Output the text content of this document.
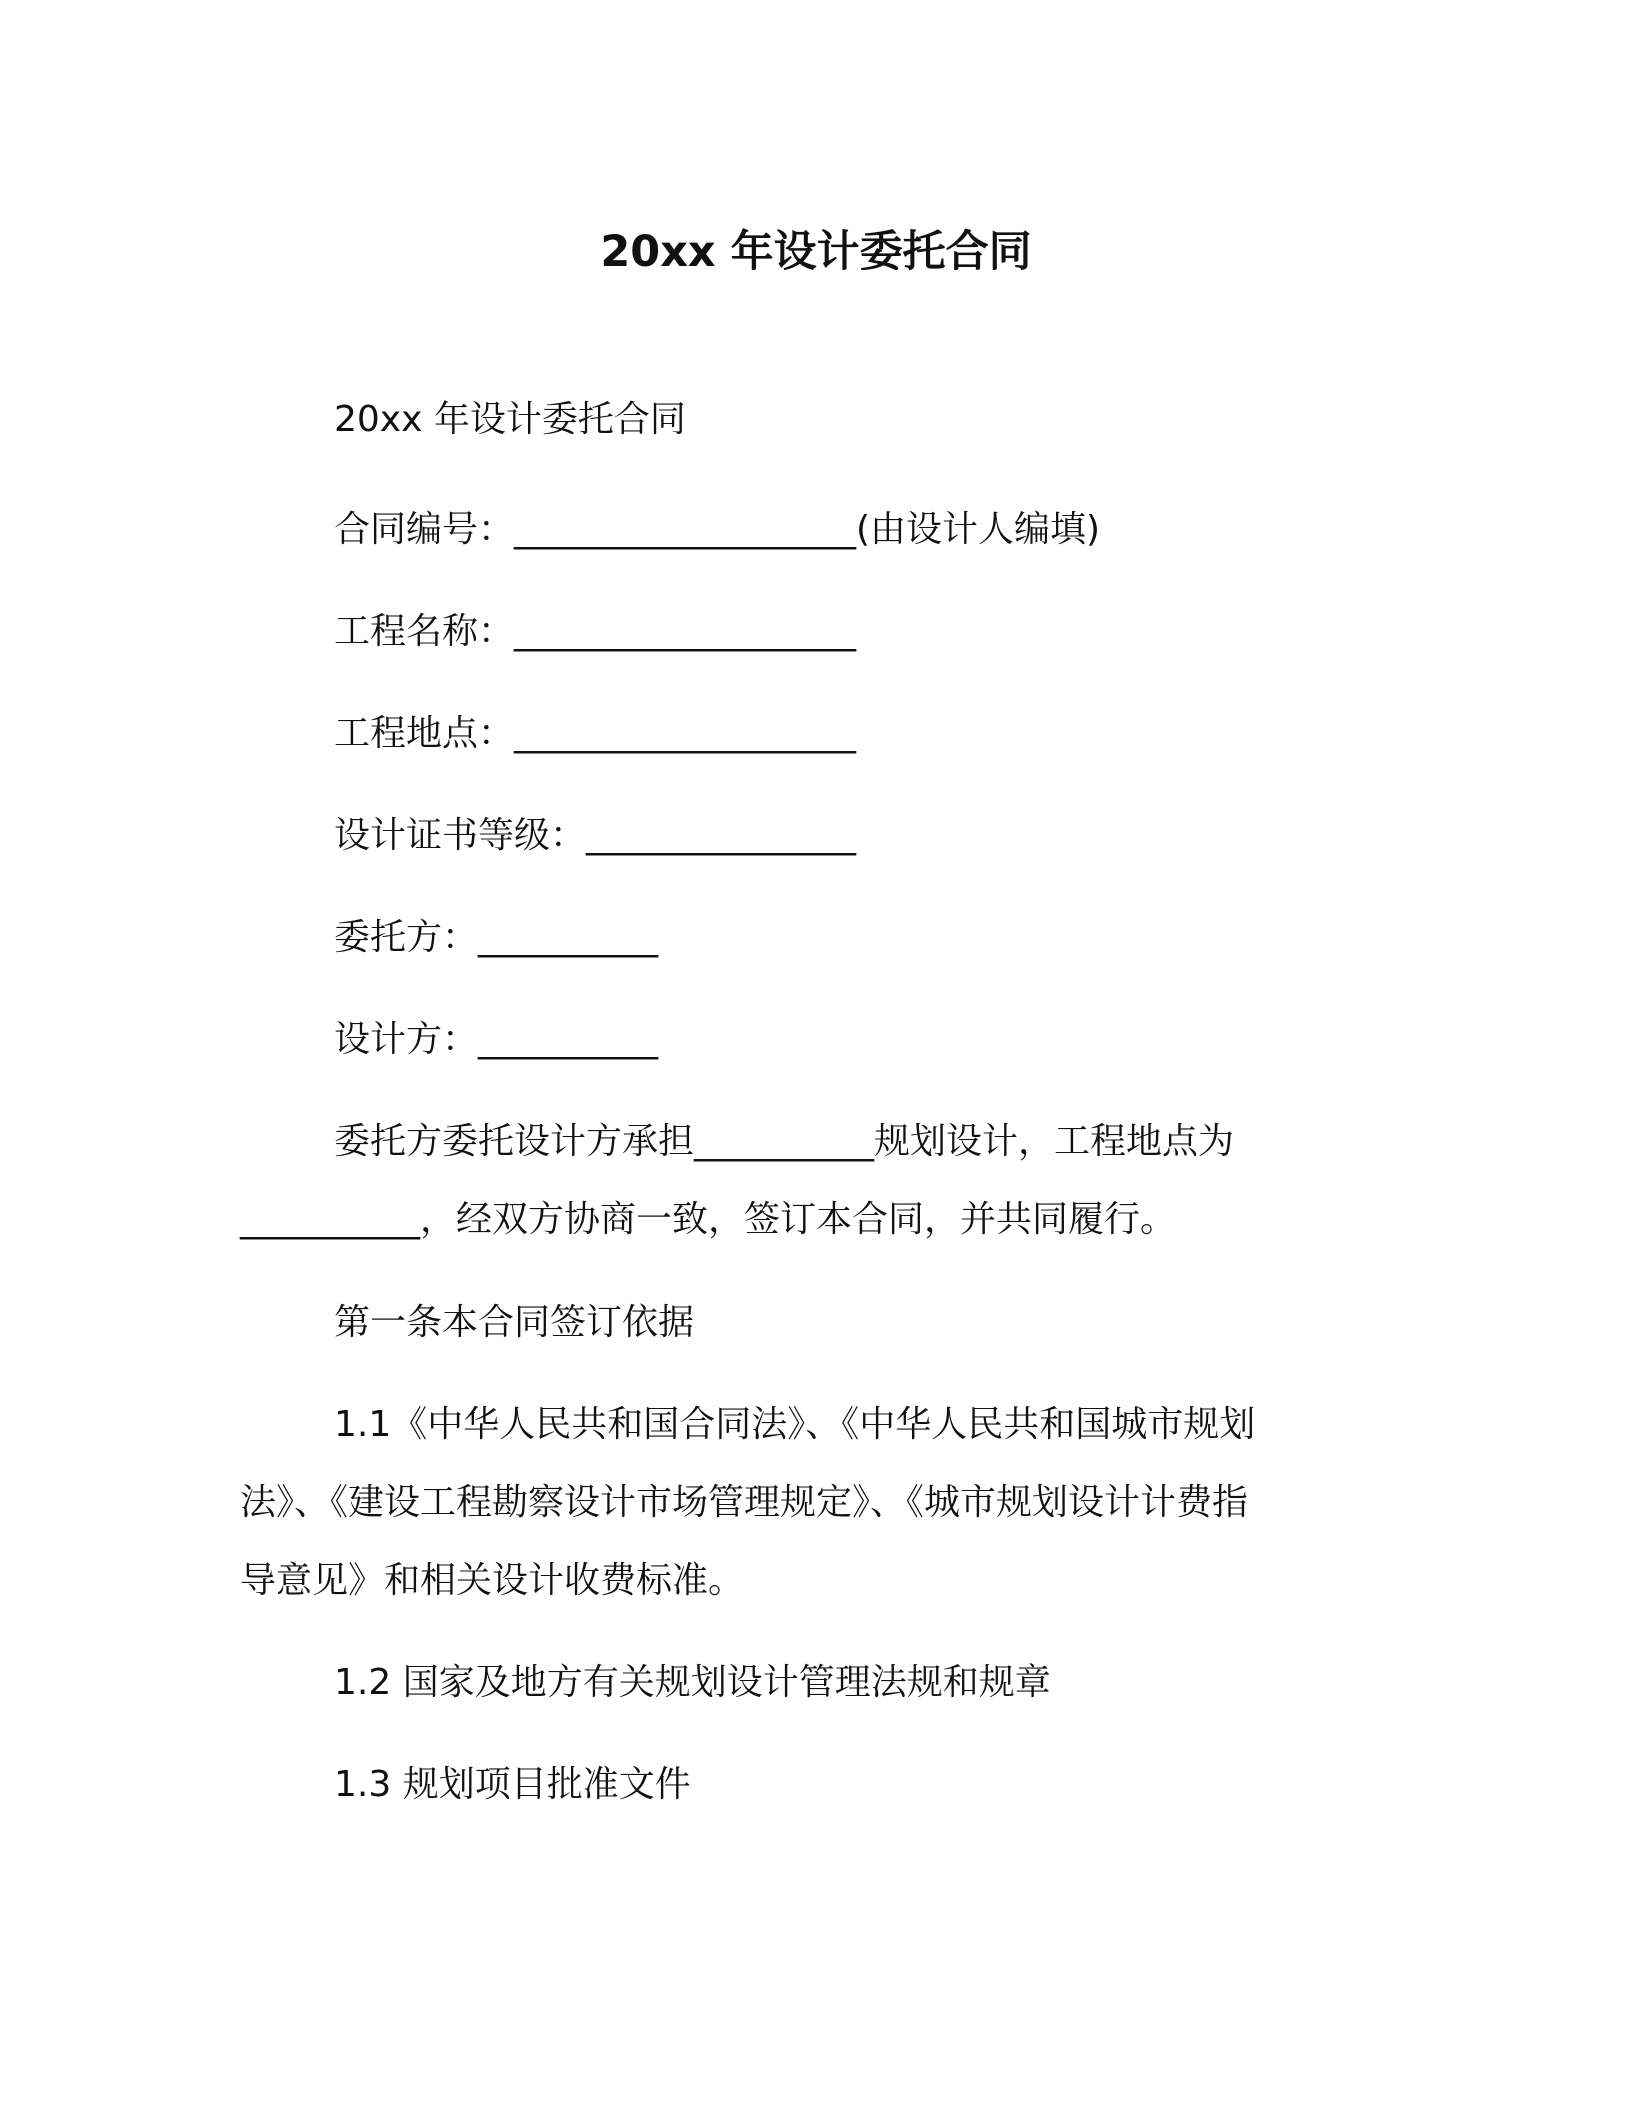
20xx 年设计委托合同
20xx 年设计委托合同
合同编号：___________________(由设计人编填)
工程名称：___________________
工程地点：___________________
设计证书等级：_______________
委托方：__________
设计方：__________
委托方委托设计方承担__________规划设计，工程地点为
__________，经双方协商一致，签订本合同，并共同履行。
第一条本合同签订依据
1.1《中华人民共和国合同法》、《中华人民共和国城市规划
法》、《建设工程勘察设计市场管理规定》、《城市规划设计计费指
导意见》和相关设计收费标准。
1.2 国家及地方有关规划设计管理法规和规章
1.3 规划项目批准文件
